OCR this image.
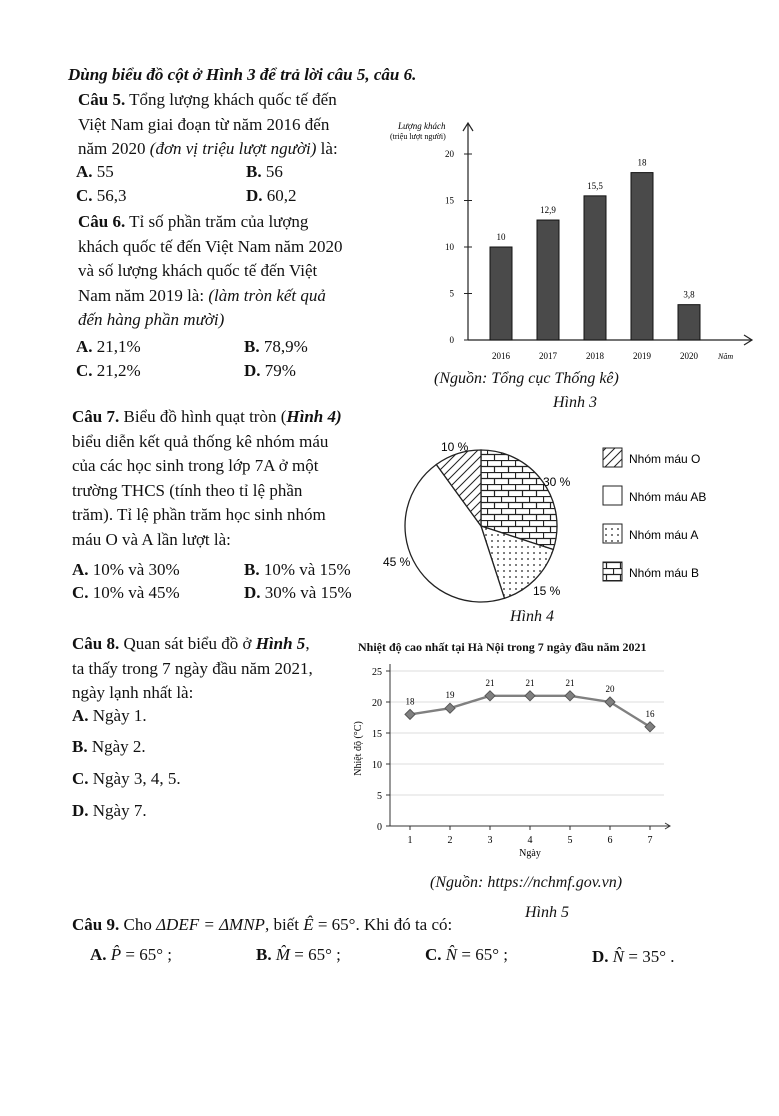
Dùng biểu đồ cột ở Hình 3 để trả lời câu 5, câu 6.
Câu 5. Tổng lượng khách quốc tế đến
Việt Nam giai đoạn từ năm 2016 đến
năm 2020 (đơn vị triệu lượt người) là:
A. 55	B. 56
C. 56,3	D. 60,2
Câu 6. Tỉ số phần trăm của lượng
khách quốc tế đến Việt Nam năm 2020
và số lượng khách quốc tế đến Việt
Nam năm 2019 là: (làm tròn kết quả
đến hàng phần mười)
A. 21,1%	B. 78,9%
C. 21,2%	D. 79%
Lượng khách
(triệu lượt người)
0
5
10
15
20
10
2016
12,9
2017
15,5
2018
18
2019
3,8
2020	Năm
(Nguồn: Tổng cục Thống kê)
Hình 3
Câu 7. Biểu đồ hình quạt tròn (Hình 4)
biểu diễn kết quả thống kê nhóm máu
của các học sinh trong lớp 7A ở một
trường THCS (tính theo tỉ lệ phần
trăm). Tỉ lệ phần trăm học sinh nhóm
máu O và A lần lượt là:
A. 10% và 30%	B. 10% và 15%
C. 10% và 45%	D. 30% và 15%
10 %
45 %
15 %
30 %
Nhóm máu O
Nhóm máu AB
Nhóm máu A
Nhóm máu B
Hình 4
Câu 8. Quan sát biểu đồ ở Hình 5,
ta thấy trong 7 ngày đầu năm 2021,
ngày lạnh nhất là:
A. Ngày 1.
B. Ngày 2.
C. Ngày 3, 4, 5.
D. Ngày 7.
Nhiệt độ cao nhất tại Hà Nội trong 7 ngày đầu năm 2021
0
5
10
15
20
25
Nhiệt độ (°C)
1	2	3	4	5	6	7
Ngày
18
19
21	21	21
20
16
(Nguồn: https://nchmf.gov.vn)
Hình 5
Câu 9. Cho ΔDEF = ΔMNP, biết Ê = 65°. Khi đó ta có:
A. P̂ = 65° ;	B. M̂ = 65° ;	C. N̂ = 65° ;	D. N̂ = 35° .
